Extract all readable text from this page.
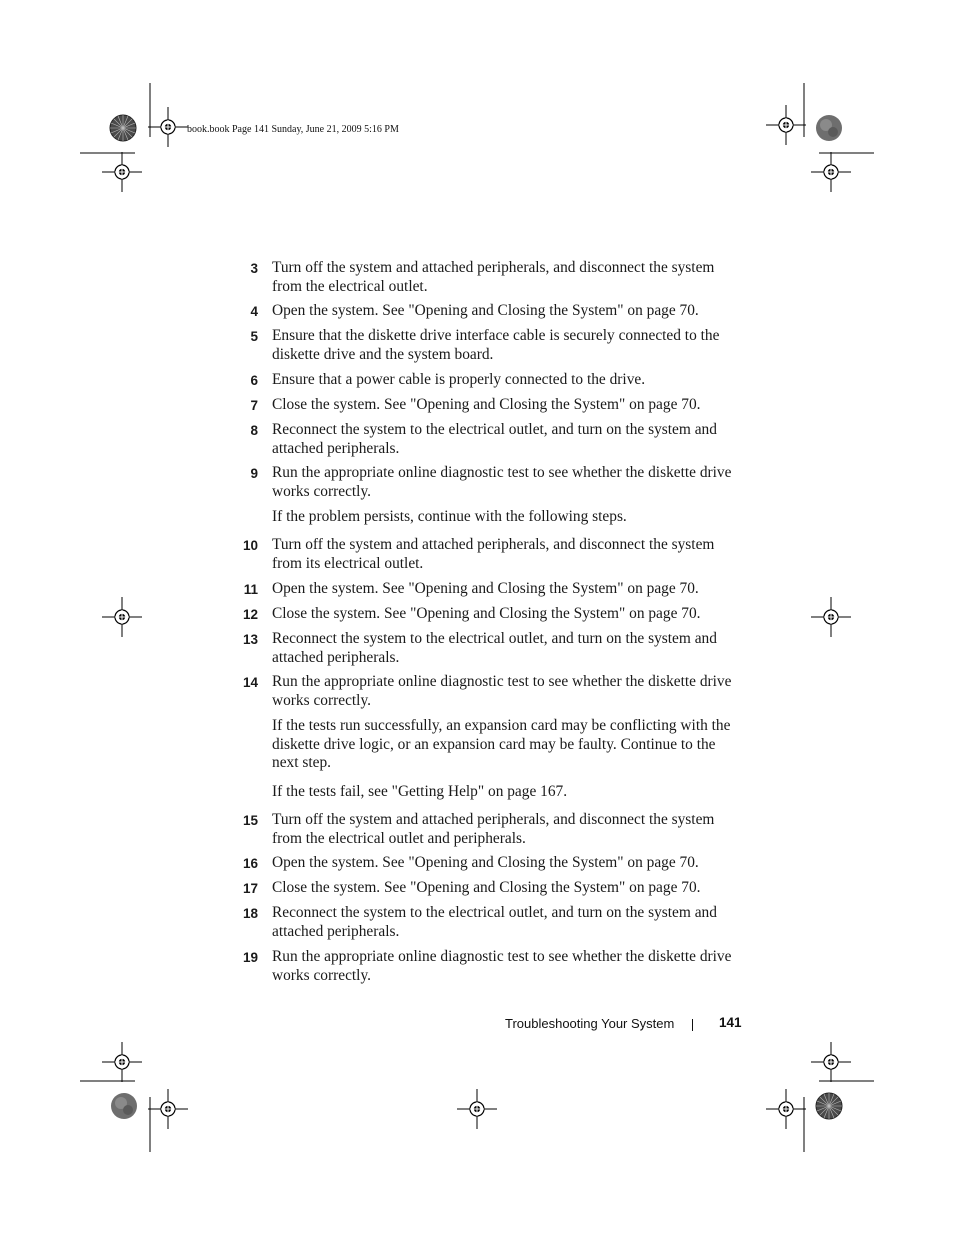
book.book Page 141 Sunday, June 21, 2009 5:16 PM
3 Turn off the system and attached peripherals, and disconnect the system from the electrical outlet.
4 Open the system. See "Opening and Closing the System" on page 70.
5 Ensure that the diskette drive interface cable is securely connected to the diskette drive and the system board.
6 Ensure that a power cable is properly connected to the drive.
7 Close the system. See "Opening and Closing the System" on page 70.
8 Reconnect the system to the electrical outlet, and turn on the system and attached peripherals.
9 Run the appropriate online diagnostic test to see whether the diskette drive works correctly.
If the problem persists, continue with the following steps.
10 Turn off the system and attached peripherals, and disconnect the system from its electrical outlet.
11 Open the system. See "Opening and Closing the System" on page 70.
12 Close the system. See "Opening and Closing the System" on page 70.
13 Reconnect the system to the electrical outlet, and turn on the system and attached peripherals.
14 Run the appropriate online diagnostic test to see whether the diskette drive works correctly.
If the tests run successfully, an expansion card may be conflicting with the diskette drive logic, or an expansion card may be faulty. Continue to the next step.
If the tests fail, see "Getting Help" on page 167.
15 Turn off the system and attached peripherals, and disconnect the system from the electrical outlet and peripherals.
16 Open the system. See "Opening and Closing the System" on page 70.
17 Close the system. See "Opening and Closing the System" on page 70.
18 Reconnect the system to the electrical outlet, and turn on the system and attached peripherals.
19 Run the appropriate online diagnostic test to see whether the diskette drive works correctly.
Troubleshooting Your System	141
